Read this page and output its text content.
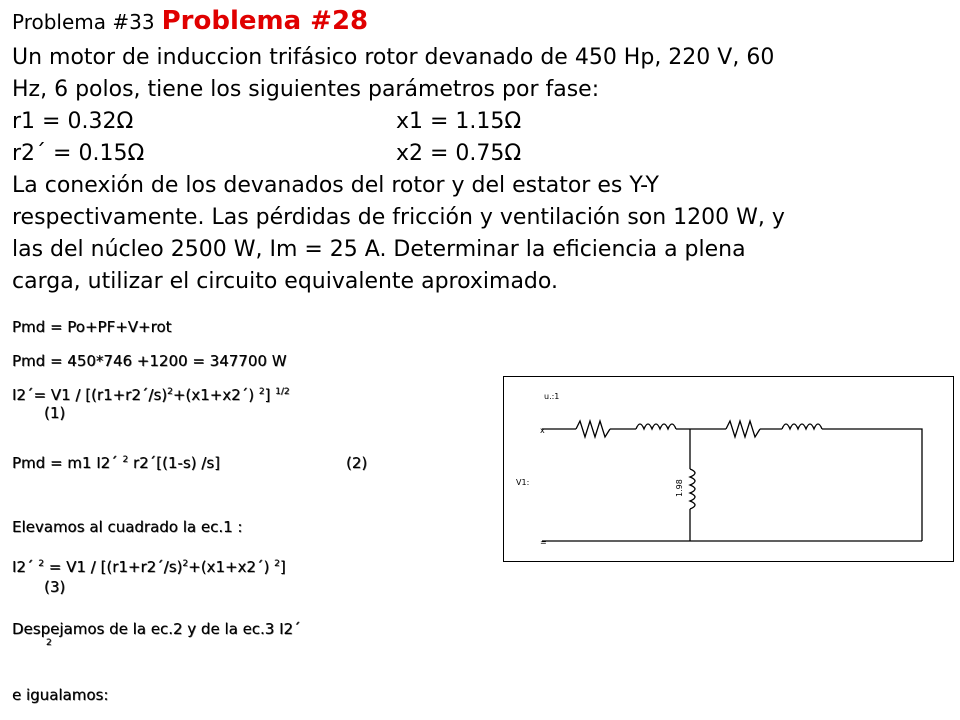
Problema #33 Problema #28
Un motor de induccion trifásico rotor devanado de 450 Hp, 220 V, 60
Hz, 6 polos, tiene los siguientes parámetros por fase:
r1 = 0.32Ω	x1 = 1.15Ω
r2´ = 0.15Ω	x2 = 0.75Ω
La conexión de los devanados del rotor y del estator es Y-Y
respectivamente. Las pérdidas de fricción y ventilación son 1200 W, y
las del núcleo 2500 W, Im = 25 A. Determinar la eficiencia a plena
carga, utilizar el circuito equivalente aproximado.
Pmd = Po+PF+V+rot
Pmd = 450*746 +1200 = 347700 W
I2´= V1 / [(r1+r2´/s)$^2$+(x1+x2´) $^2$] $^{1/2}$
(1)
Pmd = m1 I2´ $^2$ r2´[(1-s) /s]	(2)
Elevamos al cuadrado la ec.1 :
I2´ $^2$ = V1 / [(r1+r2´/s)$^2$+(x1+x2´) $^2$]
(3)
Despejamos de la ec.2 y de la ec.3 I2´
2
e igualamos:
x
=
u.:1
V1:	1.98
